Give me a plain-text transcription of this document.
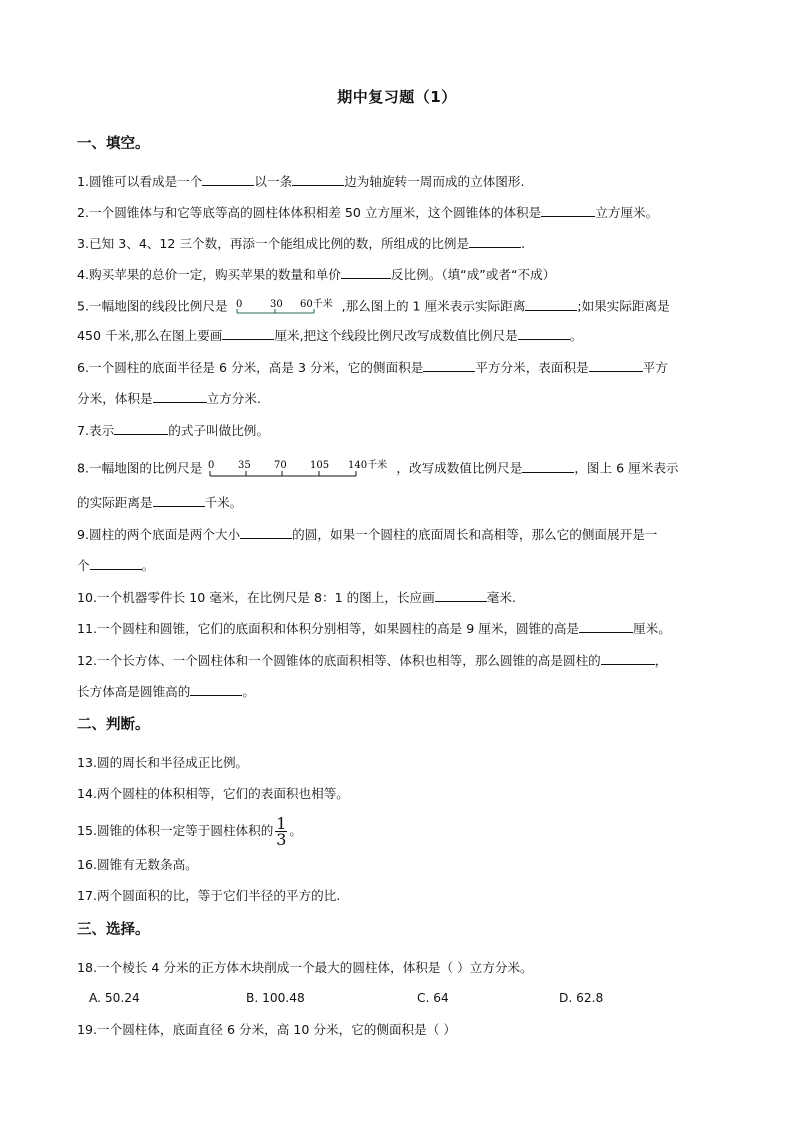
期中复习题（1）
一、填空。
1.圆锥可以看成是一个	以一条	边为轴旋转一周而成的立体图形.
2.一个圆锥体与和它等底等高的圆柱体体积相差 50 立方厘米，这个圆锥体的体积是	立方厘米。
3.已知 3、4、12 三个数，再添一个能组成比例的数，所组成的比例是	.
4.购买苹果的总价一定，购买苹果的数量和单价	反比例。（填“成”或者“不成）
5.一幅地图的线段比例尺是 0	30 60千米 ,那么图上的 1 厘米表示实际距离	;如果实际距离是
450 千米,那么在图上要画	厘米,把这个线段比例尺改写成数值比例尺是	。
6.一个圆柱的底面半径是 6 分米，高是 3 分米，它的侧面积是	平方分米，表面积是	平方
分米，体积是	立方分米.
7.表示	的式子叫做比例。
8.一幅地图的比例尺是 0 35 70 105 140千米 ，改写成数值比例尺是	，图上 6 厘米表示
的实际距离是	千米。
9.圆柱的两个底面是两个大小	的圆，如果一个圆柱的底面周长和高相等，那么它的侧面展开是一
个	。
10.一个机器零件长 10 毫米，在比例尺是 8：1 的图上，长应画	毫米.
11.一个圆柱和圆锥，它们的底面积和体积分别相等，如果圆柱的高是 9 厘米，圆锥的高是	厘米。
12.一个长方体、一个圆柱体和一个圆锥体的底面积相等、体积也相等，那么圆锥的高是圆柱的	，
长方体高是圆锥高的	。
二、判断。
13.圆的周长和半径成正比例。
14.两个圆柱的体积相等，它们的表面积也相等。
15.圆锥的体积一定等于圆柱体积的 $\frac{1}{3}$ 。
16.圆锥有无数条高。
17.两个圆面积的比，等于它们半径的平方的比.
三、选择。
18.一个棱长 4 分米的正方体木块削成一个最大的圆柱体，体积是（ ）立方分米。
A. 50.24	B. 100.48	C. 64	D. 62.8
19.一个圆柱体，底面直径 6 分米，高 10 分米，它的侧面积是（ ）
